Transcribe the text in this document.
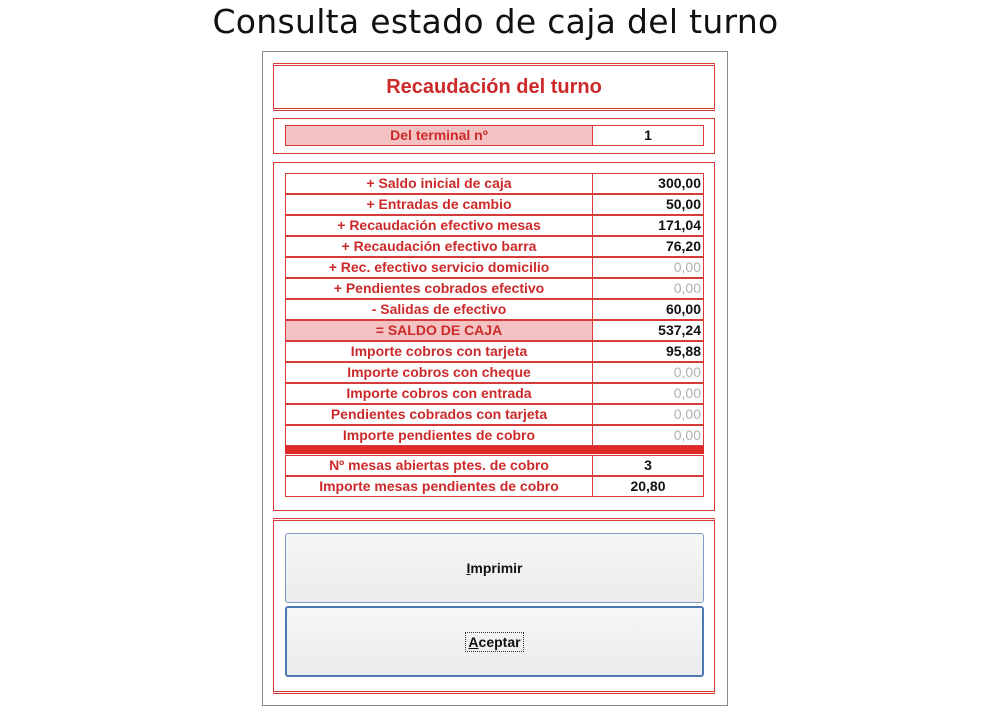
Consulta estado de caja del turno
Recaudación del turno
Del terminal nº	1
+ Saldo inicial de caja	300,00
+ Entradas de cambio	50,00
+ Recaudación efectivo mesas	171,04
+ Recaudación efectivo barra	76,20
+ Rec. efectivo servicio domicilio	0,00
+ Pendientes cobrados efectivo	0,00
- Salidas de efectivo	60,00
= SALDO DE CAJA	537,24
Importe cobros con tarjeta	95,88
Importe cobros con cheque	0,00
Importe cobros con entrada	0,00
Pendientes cobrados con tarjeta	0,00
Importe pendientes de cobro	0,00
Nº mesas abiertas ptes. de cobro	3
Importe mesas pendientes de cobro	20,80
Imprimir
Aceptar
